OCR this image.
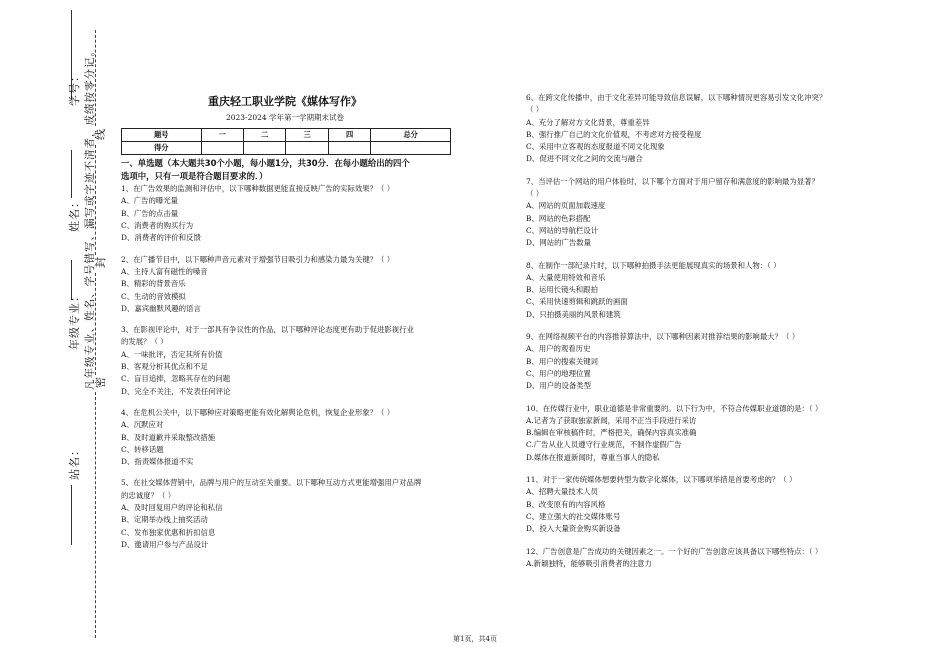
学号：
姓名：
年级专业：
站名：
凡年级专业、姓名、学号错写、漏写或字迹不清者，成绩按零分记。
线
封
密
重庆轻工职业学院《媒体写作》
2023-2024 学年第一学期期末试卷
题号	一	二	三	四	总分
得分					
一、单选题（本大题共30个小题，每小题1分，共30分．在每小题给出的四个
选项中，只有一项是符合题目要求的．）
1、在广告效果的监测和评估中，以下哪种数据更能直接反映广告的实际效果？（ ）
A、广告的曝光量
B、广告的点击量
C、消费者的购买行为
D、消费者的评价和反馈
2、在广播节目中，以下哪种声音元素对于增强节目吸引力和感染力最为关键？（ ）
A、主持人富有磁性的嗓音
B、精彩的背景音乐
C、生动的音效模拟
D、嘉宾幽默风趣的语言
3、在影视评论中，对于一部具有争议性的作品，以下哪种评论态度更有助于促进影视行业
的发展？（ ）
A、一味批评，否定其所有价值
B、客观分析其优点和不足
C、盲目追捧，忽略其存在的问题
D、完全不关注，不发表任何评论
4、在危机公关中，以下哪种应对策略更能有效化解舆论危机，恢复企业形象？（ ）
A、沉默应对
B、及时道歉并采取整改措施
C、转移话题
D、指责媒体报道不实
5、在社交媒体营销中，品牌与用户的互动至关重要。以下哪种互动方式更能增强用户对品牌
的忠诚度？（ ）
A、及时回复用户的评论和私信
B、定期举办线上抽奖活动
C、发布独家优惠和折扣信息
D、邀请用户参与产品设计
6、在跨文化传播中，由于文化差异可能导致信息误解，以下哪种情况更容易引发文化冲突？
（ ）
A、充分了解对方文化背景，尊重差异
B、强行推广自己的文化价值观，不考虑对方接受程度
C、采用中立客观的态度报道不同文化现象
D、促进不同文化之间的交流与融合
7、当评估一个网站的用户体验时，以下哪个方面对于用户留存和满意度的影响最为显著？
（ ）
A、网站的页面加载速度
B、网站的色彩搭配
C、网站的导航栏设计
D、网站的广告数量
8、在制作一部纪录片时，以下哪种拍摄手法更能展现真实的场景和人物：（ ）
A、大量使用特效和音乐
B、运用长镜头和跟拍
C、采用快速剪辑和跳跃的画面
D、只拍摄美丽的风景和建筑
9、在网络视频平台的内容推荐算法中，以下哪种因素对推荐结果的影响最大？（ ）
A、用户的观看历史
B、用户的搜索关键词
C、用户的地理位置
D、用户的设备类型
10、在传媒行业中，职业道德是非常重要的。以下行为中，不符合传媒职业道德的是：（ ）
A.记者为了获取独家新闻，采用不正当手段进行采访
B.编辑在审核稿件时，严格把关，确保内容真实准确
C.广告从业人员遵守行业规范，不制作虚假广告
D.媒体在报道新闻时，尊重当事人的隐私
11、对于一家传统媒体想要转型为数字化媒体，以下哪项举措是首要考虑的？（ ）
A、招聘大量技术人员
B、改变原有的内容风格
C、建立强大的社交媒体账号
D、投入大量资金购买新设备
12、广告创意是广告成功的关键因素之一。一个好的广告创意应该具备以下哪些特点：（ ）
A.新颖独特，能够吸引消费者的注意力
第1页，共4页
